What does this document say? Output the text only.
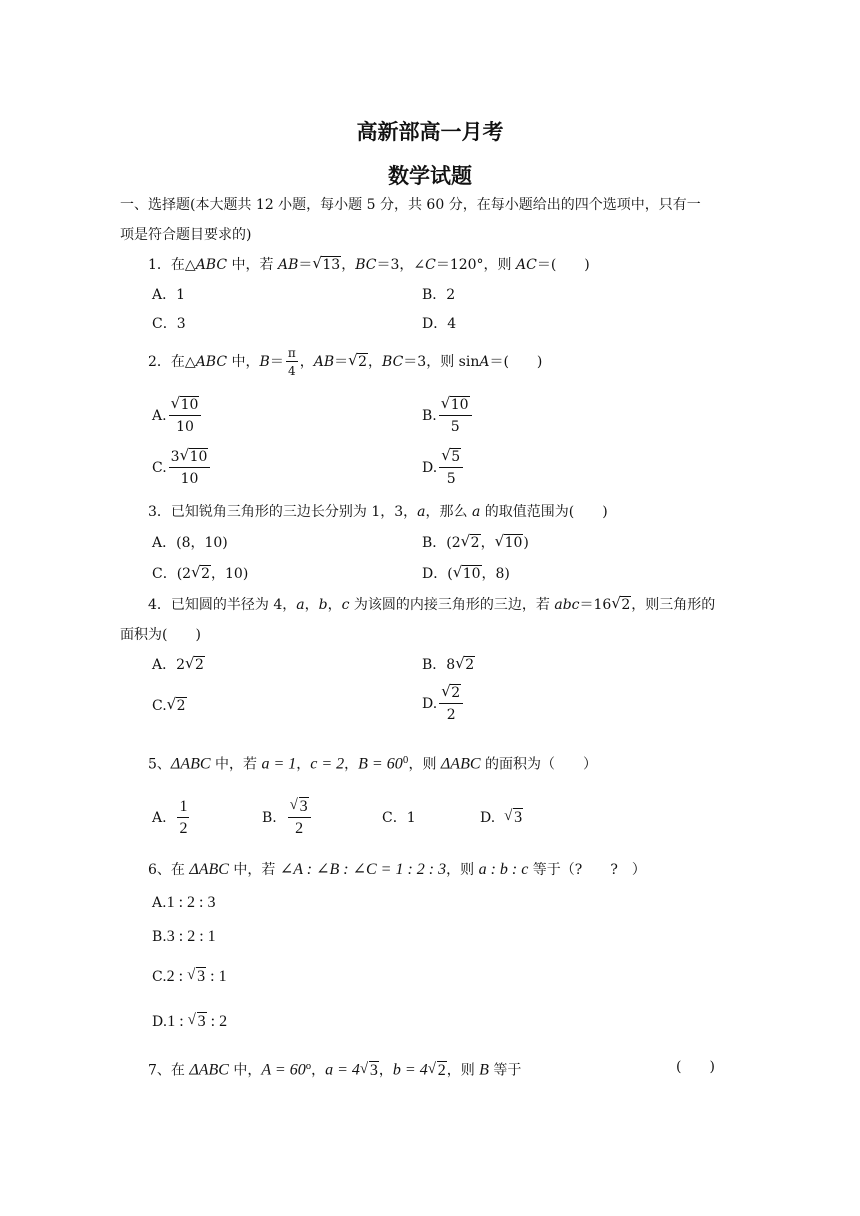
高新部高一月考
数学试题
一、选择题(本大题共 12 小题，每小题 5 分，共 60 分，在每小题给出的四个选项中，只有一
项是符合题目要求的)
1．在△ABC 中，若 AB＝ √ 13，BC＝3，∠C＝120°，则 AC＝(　　)
A．1	B．2
C．3	D．4
2．在△ABC 中，$B= \frac{\pi}{4}$ ，AB＝ √ 2，BC＝3，则 sinA＝(　　)
A. $\frac{√ 10}{10}$	B. $\frac{√ 10}{5}$
C. $\frac{3 √ 10}{10}$	D. $\frac{√ 5}{5}$
3．已知锐角三角形的三边长分别为 1，3，a，那么 a 的取值范围为(　　)
A．(8，10)	B．(2 √ 2， √ 10)
C．(2 √ 2，10)	D．( √ 10，8)
4．已知圆的半径为 4，a，b，c 为该圆的内接三角形的三边，若 abc＝16 √ 2，则三角形的
面积为(　　)
A．2 √ 2	B．8 √ 2
C. √ 2	D. $\frac{√ 2}{2}$
5、ΔABC 中，若 a = 1，c = 2，$B = 60^0$，则 ΔABC 的面积为（　　）
A. $\frac{1}{2}$	B. $\frac{√ 3}{2}$	C．1	D. √ 3
6、在 ΔABC 中，若 ∠A : ∠B : ∠C = 1 : 2 : 3，则 a : b : c 等于（?　　?　）
A.1 : 2 : 3
B.3 : 2 : 1
C.2 : √ 3 : 1
D.1 : √ 3 : 2
7、在 ΔABC 中，$A = 60^o$，a = 4 √ 3，b = 4 √ 2，则 B 等于	(　　)
